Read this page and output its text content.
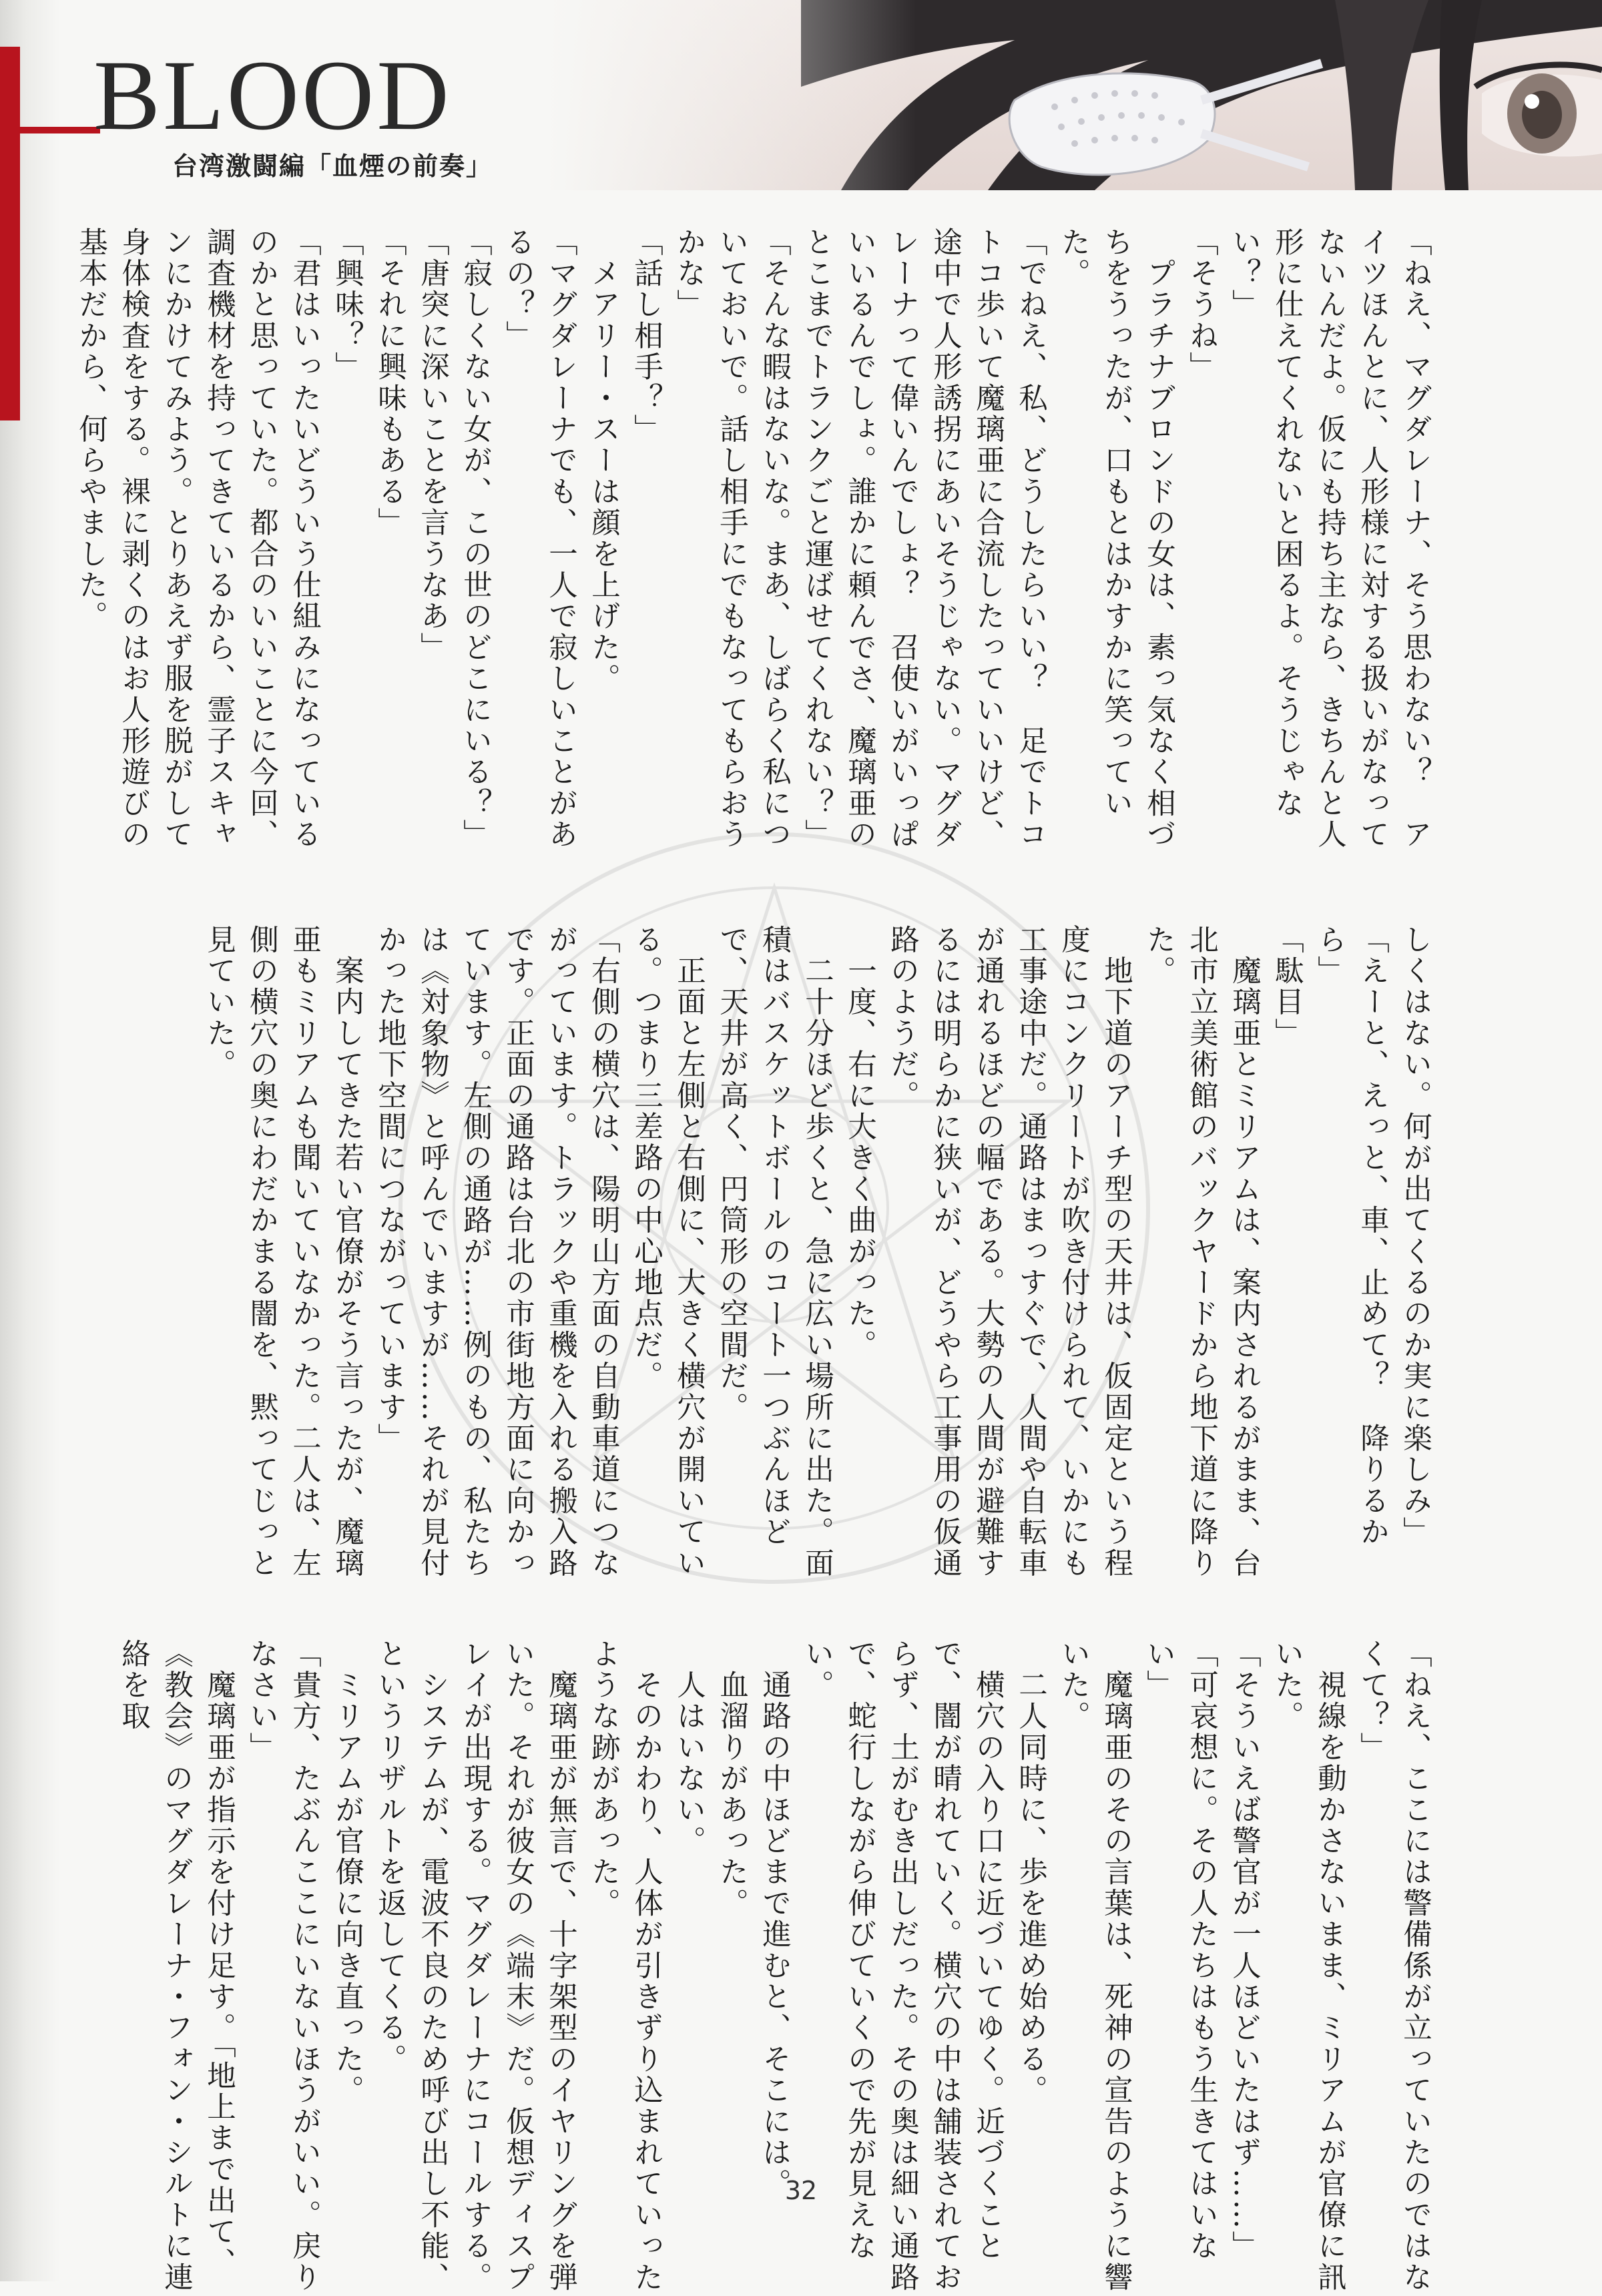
BLOOD
台湾激闘編「血煙の前奏」

「ねえ、マグダレーナ、そう思わない？　アイツほんとに、人形様に対する扱いがなってないんだよ。仮にも持ち主なら、きちんと人形に仕えてくれないと困るよ。そうじゃない？」

「そうね」

　プラチナブロンドの女は、素っ気なく相づちをうったが、口もとはかすかに笑っていた。

「でねえ、私、どうしたらいい？　足でトコトコ歩いて魔璃亜に合流したっていいけど、途中で人形誘拐にあいそうじゃない。マグダレーナって偉いんでしょ？　召使いがいっぱいいるんでしょ。誰かに頼んでさ、魔璃亜のとこまでトランクごと運ばせてくれない？」

「そんな暇はないな。まあ、しばらく私についておいで。話し相手にでもなってもらおうかな」

「話し相手？」

　メアリー・スーは顔を上げた。

「マグダレーナでも、一人で寂しいことがあるの？」

「寂しくない女が、この世のどこにいる？」

「唐突に深いことを言うなあ」

「それに興味もある」

「興味？」

「君はいったいどういう仕組みになっているのかと思っていた。都合のいいことに今回、調査機材を持ってきているから、霊子スキャンにかけてみよう。とりあえず服を脱がして身体検査をする。裸に剥くのはお人形遊びの基本だから、何らやました。

しくはない。何が出てくるのか実に楽しみ」

「えーと、えっと、車、止めて？　降りるから」

「駄目」

　魔璃亜とミリアムは、案内されるがまま、台北市立美術館のバックヤードから地下道に降りた。

　地下道のアーチ型の天井は、仮固定という程度にコンクリートが吹き付けられて、いかにも工事途中だ。通路はまっすぐで、人間や自転車が通れるほどの幅である。大勢の人間が避難するには明らかに狭いが、どうやら工事用の仮通路のようだ。

　一度、右に大きく曲がった。

　二十分ほど歩くと、急に広い場所に出た。面積はバスケットボールのコート一つぶんほどで、天井が高く、円筒形の空間だ。

　正面と左側と右側に、大きく横穴が開いている。つまり三差路の中心地点だ。

「右側の横穴は、陽明山方面の自動車道につながっています。トラックや重機を入れる搬入路です。正面の通路は台北の市街地方面に向かっています。左側の通路が……例のもの、私たちは《対象物》と呼んでいますが……それが見付かった地下空間につながっています」

　案内してきた若い官僚がそう言ったが、魔璃亜もミリアムも聞いていなかった。二人は、左側の横穴の奥にわだかまる闇を、黙ってじっと見ていた。

「ねえ、ここには警備係が立っていたのではなくて？」

　視線を動かさないまま、ミリアムが官僚に訊いた。

「そういえば警官が一人ほどいたはず……」

「可哀想に。その人たちはもう生きてはいない」

　魔璃亜のその言葉は、死神の宣告のように響いた。

　二人同時に、歩を進め始める。

　横穴の入り口に近づいてゆく。近づくことで、闇が晴れていく。横穴の中は舗装されておらず、土がむき出しだった。その奥は細い通路で、蛇行しながら伸びていくので先が見えない。

　通路の中ほどまで進むと、そこには。

　血溜りがあった。

　人はいない。

　そのかわり、人体が引きずり込まれていったような跡があった。

　魔璃亜が無言で、十字架型のイヤリングを弾いた。それが彼女の《端末》だ。仮想ディスプレイが出現する。マグダレーナにコールする。

　システムが、電波不良のため呼び出し不能、というリザルトを返してくる。

　ミリアムが官僚に向き直った。

「貴方、たぶんここにいないほうがいい。戻りなさい」

　魔璃亜が指示を付け足す。「地上まで出て、《教会》のマグダレーナ・フォン・シルトに連絡を取

32
